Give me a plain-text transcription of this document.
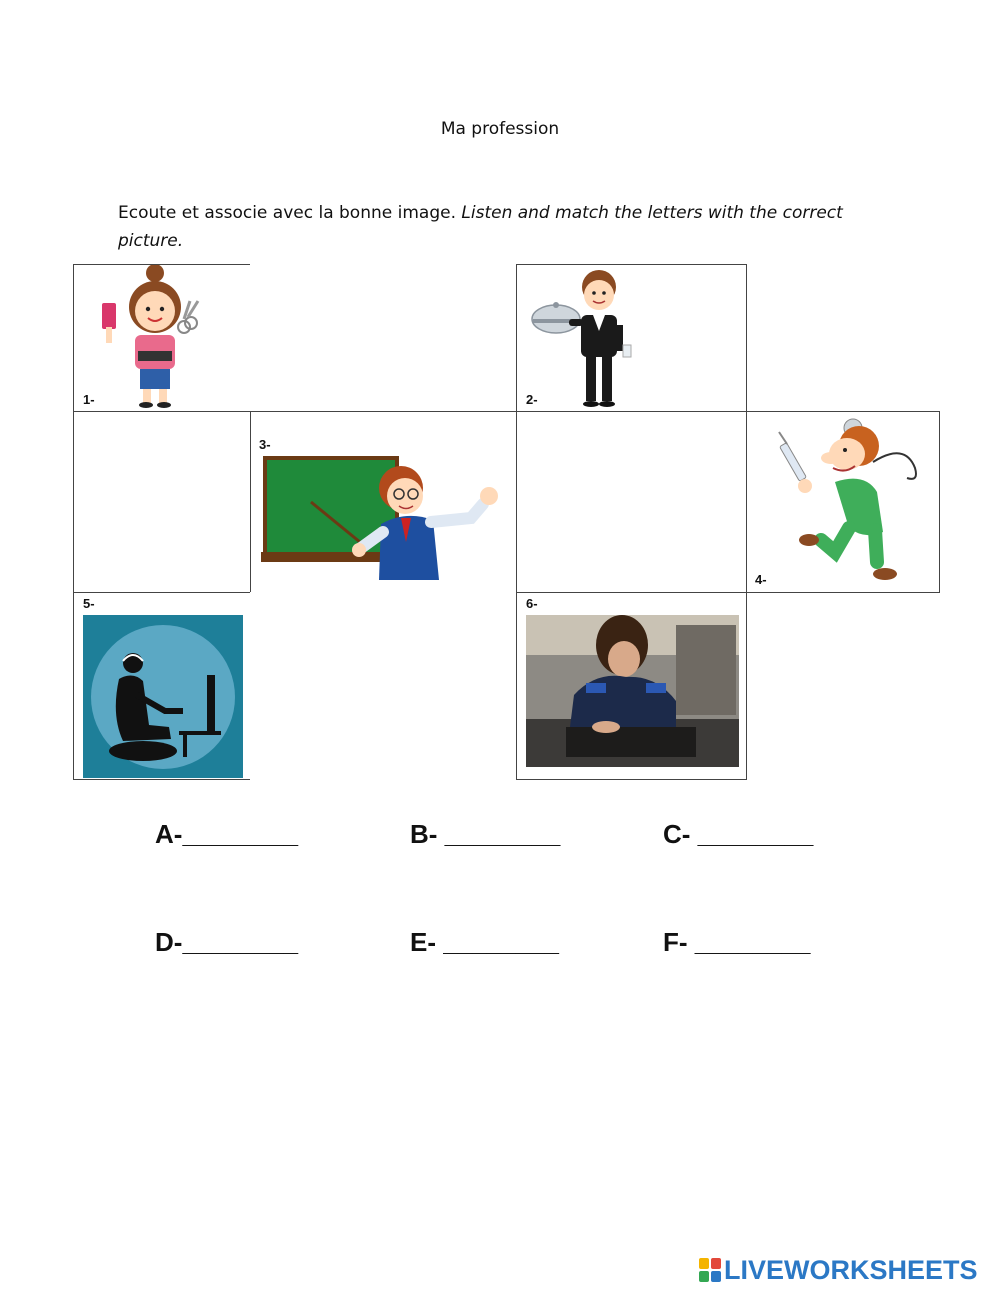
Ma profession
Ecoute et associe avec la bonne image. Listen and match the letters with the correct picture.
1-	2-
3-
4-
5-	6-
A-________	B- ________	C- ________
D-________	E- ________	F- ________
LIVEWORKSHEETS
